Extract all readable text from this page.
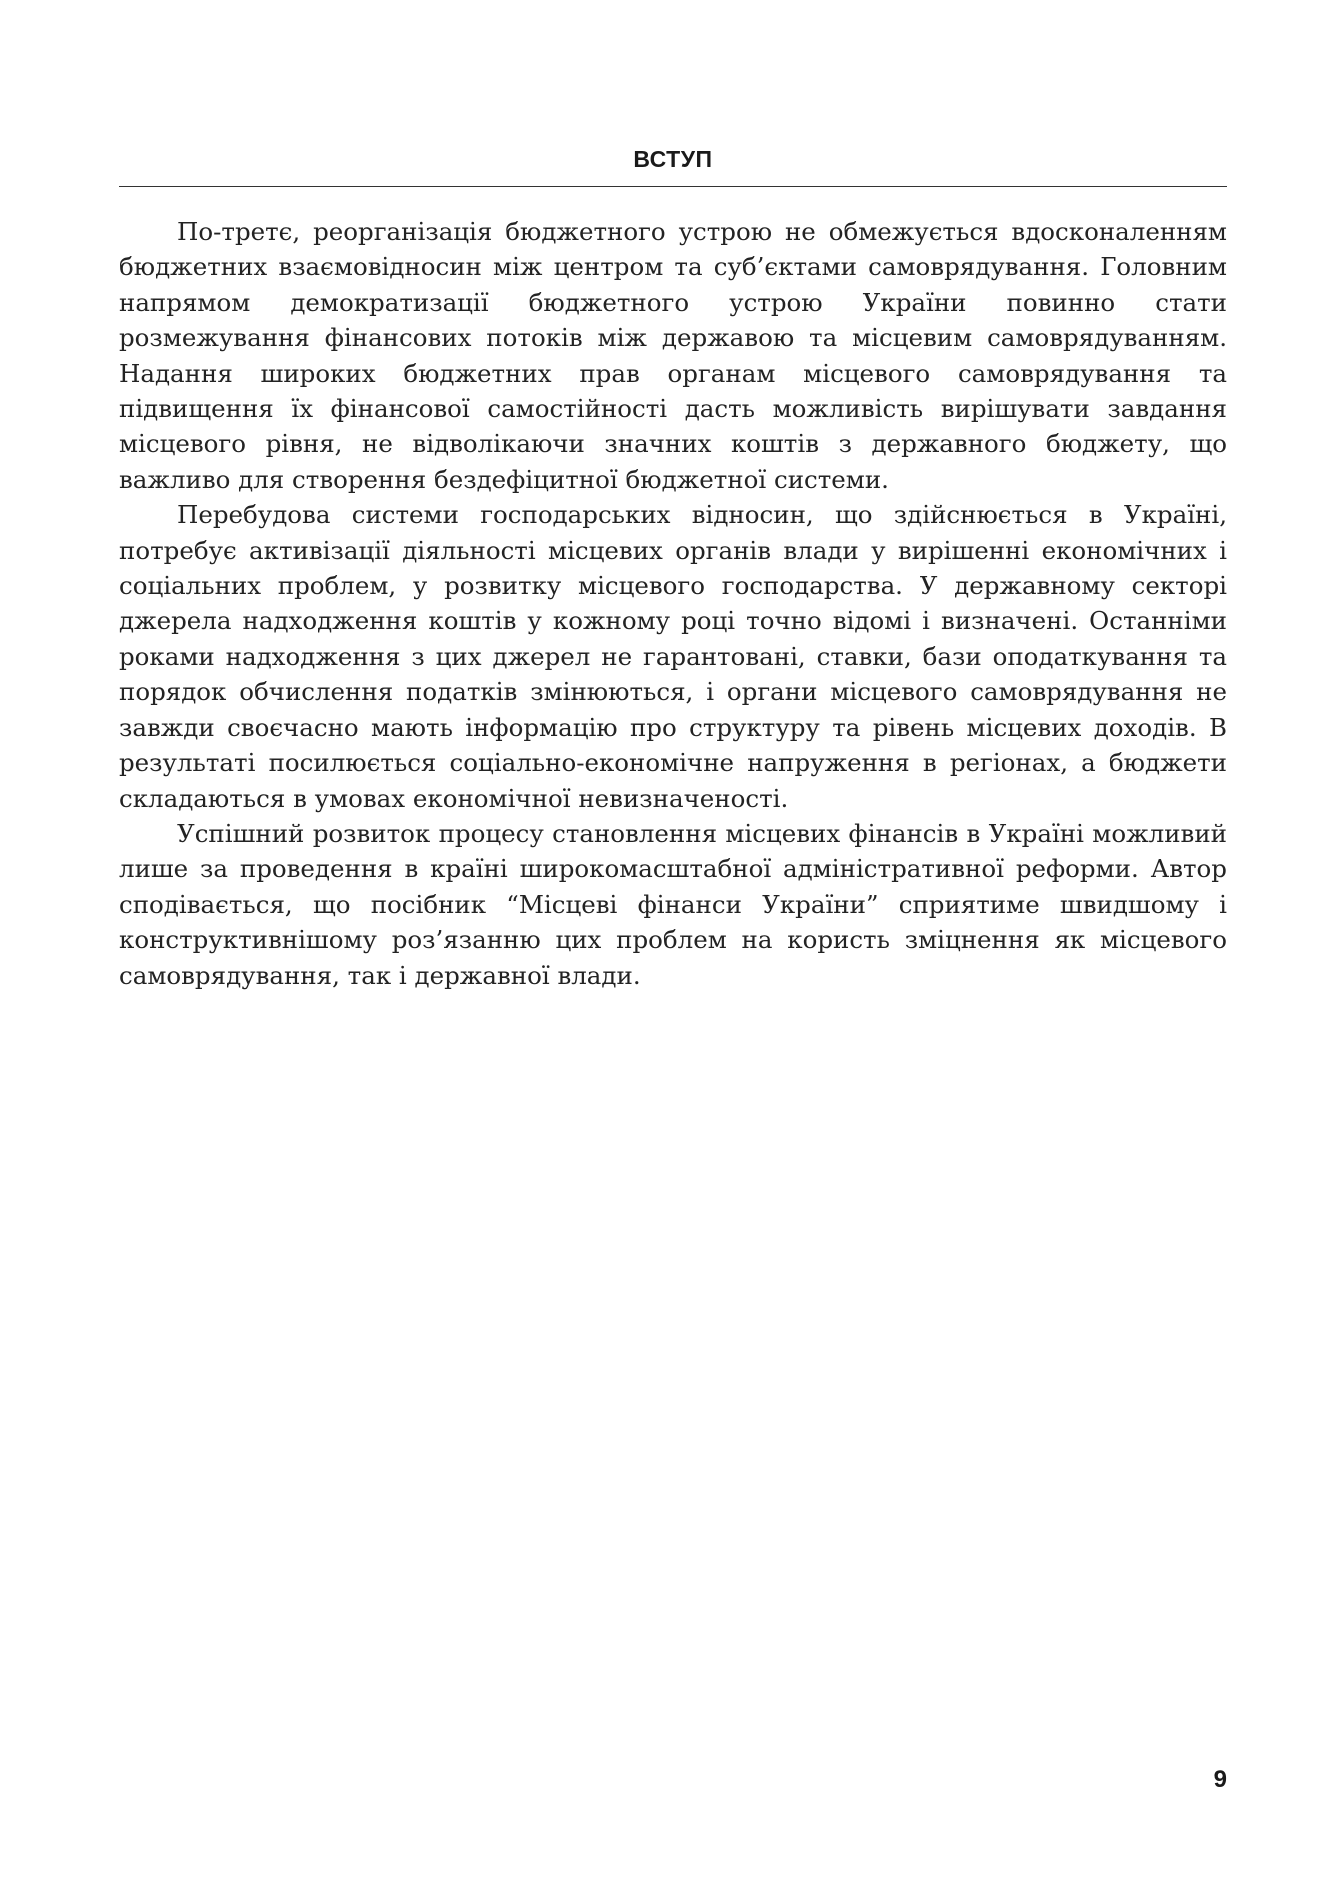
ВСТУП

По-третє, реорганізація бюджетного устрою не обмежується вдосконаленням бюджетних взаємовідносин між центром та суб’єктами самоврядування. Головним напрямом демократизації бюджетного устрою України повинно стати розмежування фінансових потоків між державою та місцевим самоврядуванням. Надання широких бюджетних прав органам місцевого самоврядування та підвищення їх фінансової самостійності дасть можливість вирішувати завдання місцевого рівня, не відволікаючи значних коштів з державного бюджету, що важливо для створення бездефіцитної бюджетної системи.

Перебудова системи господарських відносин, що здійснюється в Україні, потребує активізації діяльності місцевих органів влади у вирішенні економічних і соціальних проблем, у розвитку місцевого господарства. У державному секторі джерела надходження коштів у кожному році точно відомі і визначені. Останніми роками надходження з цих джерел не гарантовані, ставки, бази оподаткування та порядок обчислення податків змінюються, і органи місцевого самоврядування не завжди своєчасно мають інформацію про структуру та рівень місцевих доходів. В результаті посилюється соціально-економічне напруження в регіонах, а бюджети складаються в умовах економічної невизначеності.

Успішний розвиток процесу становлення місцевих фінансів в Україні можливий лише за проведення в країні широкомасштабної адміністративної реформи. Автор сподівається, що посібник “Місцеві фінанси України” сприятиме швидшому і конструктивнішому роз’язанню цих проблем на користь зміцнення як місцевого самоврядування, так і державної влади.

9
